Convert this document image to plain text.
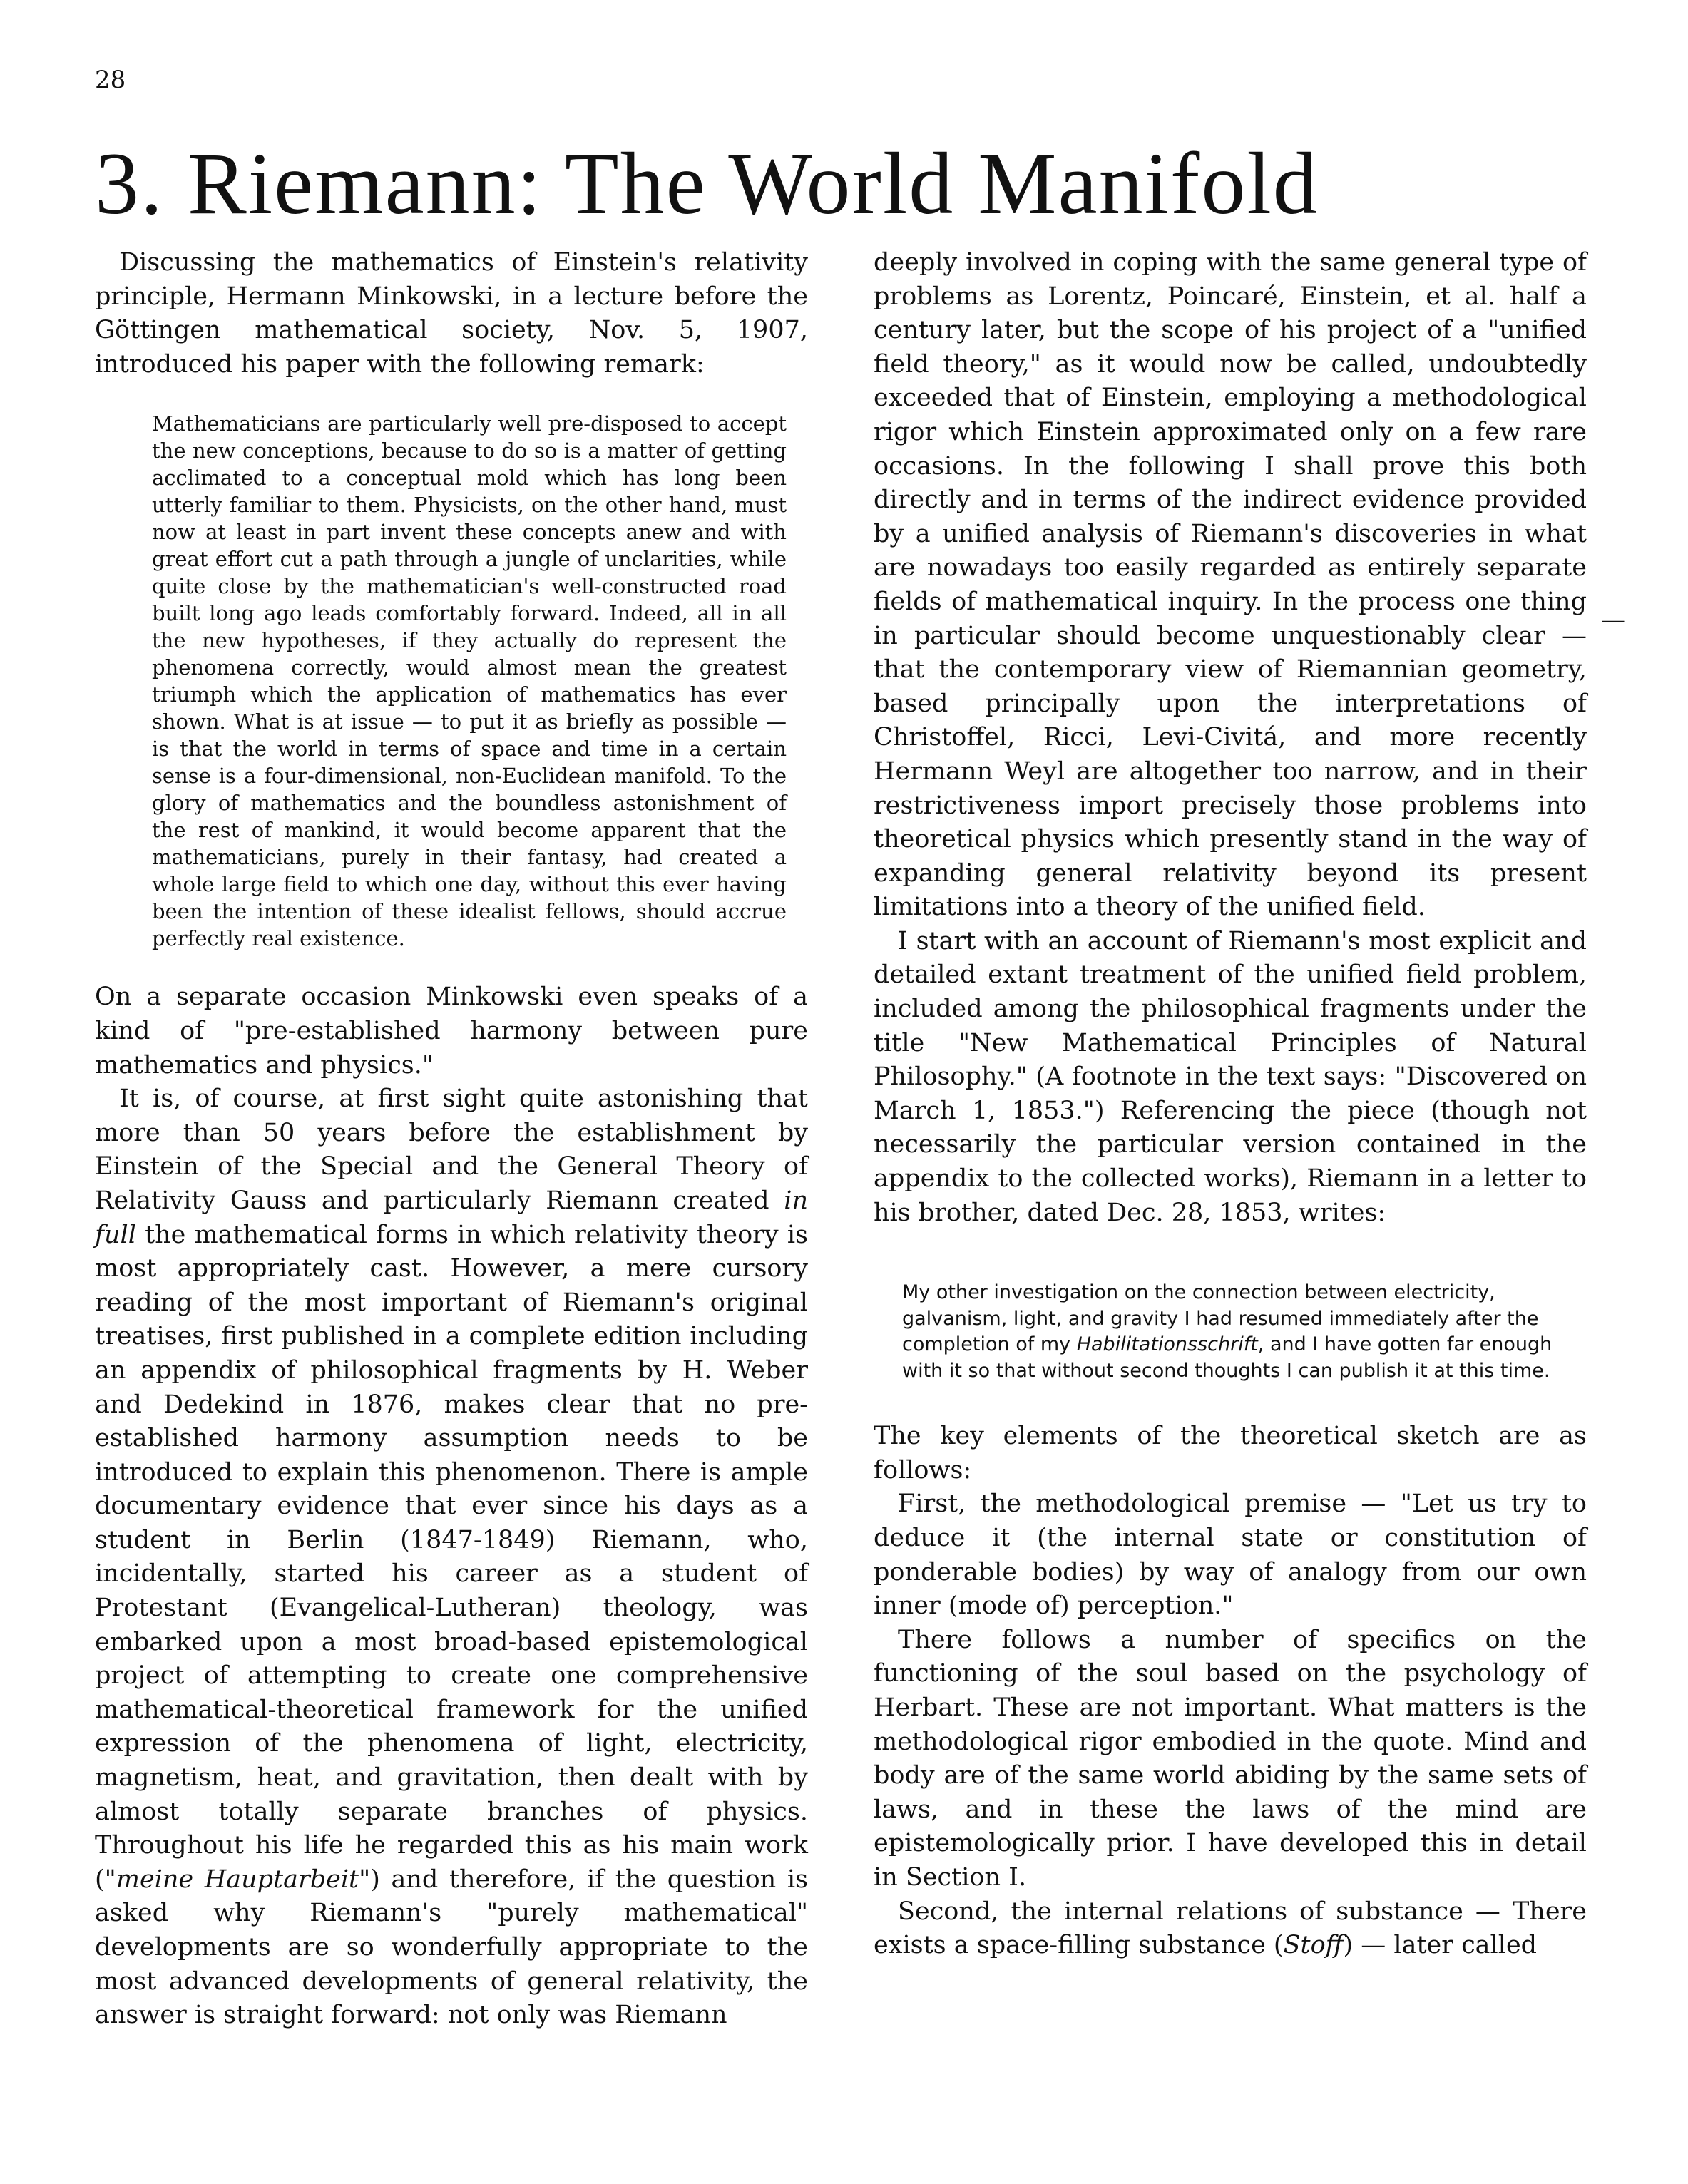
28
3. Riemann: The World Manifold
—

Discussing the mathematics of Einstein's relativity principle, Hermann Minkowski, in a lecture before the Göttingen mathematical society, Nov. 5, 1907, introduced his paper with the following remark:

Mathematicians are particularly well pre-disposed to accept the new conceptions, because to do so is a matter of getting acclimated to a conceptual mold which has long been utterly familiar to them. Physicists, on the other hand, must now at least in part invent these concepts anew and with great effort cut a path through a jungle of unclarities, while quite close by the mathematician's well-constructed road built long ago leads comfortably forward. Indeed, all in all the new hypotheses, if they actually do represent the phenomena correctly, would almost mean the greatest triumph which the application of mathematics has ever shown. What is at issue — to put it as briefly as possible — is that the world in terms of space and time in a certain sense is a four-dimensional, non-Euclidean manifold. To the glory of mathematics and the boundless astonishment of the rest of mankind, it would become apparent that the mathematicians, purely in their fantasy, had created a whole large field to which one day, without this ever having been the intention of these idealist fellows, should accrue perfectly real existence.

On a separate occasion Minkowski even speaks of a kind of "pre-established harmony between pure mathematics and physics."

It is, of course, at first sight quite astonishing that more than 50 years before the establishment by Einstein of the Special and the General Theory of Relativity Gauss and particularly Riemann created in full the mathematical forms in which relativity theory is most appropriately cast. However, a mere cursory reading of the most important of Riemann's original treatises, first published in a complete edition including an appendix of philosophical fragments by H. Weber and Dedekind in 1876, makes clear that no pre-established harmony assumption needs to be introduced to explain this phenomenon. There is ample documentary evidence that ever since his days as a student in Berlin (1847-1849) Riemann, who, incidentally, started his career as a student of Protestant (Evangelical-Lutheran) theology, was embarked upon a most broad-based epistemological project of attempting to create one comprehensive mathematical-theoretical framework for the unified expression of the phenomena of light, electricity, magnetism, heat, and gravitation, then dealt with by almost totally separate branches of physics. Throughout his life he regarded this as his main work ("meine Hauptarbeit") and therefore, if the question is asked why Riemann's "purely mathematical" developments are so wonderfully appropriate to the most advanced developments of general relativity, the answer is straight forward: not only was Riemann

deeply involved in coping with the same general type of problems as Lorentz, Poincaré, Einstein, et al. half a century later, but the scope of his project of a "unified field theory," as it would now be called, undoubtedly exceeded that of Einstein, employing a methodological rigor which Einstein approximated only on a few rare occasions. In the following I shall prove this both directly and in terms of the indirect evidence provided by a unified analysis of Riemann's discoveries in what are nowadays too easily regarded as entirely separate fields of mathematical inquiry. In the process one thing in particular should become unquestionably clear — that the contemporary view of Riemannian geometry, based principally upon the interpretations of Christoffel, Ricci, Levi-Civitá, and more recently Hermann Weyl are altogether too narrow, and in their restrictiveness import precisely those problems into theoretical physics which presently stand in the way of expanding general relativity beyond its present limitations into a theory of the unified field.

I start with an account of Riemann's most explicit and detailed extant treatment of the unified field problem, included among the philosophical fragments under the title "New Mathematical Principles of Natural Philosophy." (A footnote in the text says: "Discovered on March 1, 1853.") Referencing the piece (though not necessarily the particular version contained in the appendix to the collected works), Riemann in a letter to his brother, dated Dec. 28, 1853, writes:

My other investigation on the connection between electricity, galvanism, light, and gravity I had resumed immediately after the completion of my Habilitationsschrift, and I have gotten far enough with it so that without second thoughts I can publish it at this time.

The key elements of the theoretical sketch are as follows:

First, the methodological premise — "Let us try to deduce it (the internal state or constitution of ponderable bodies) by way of analogy from our own inner (mode of) perception."

There follows a number of specifics on the functioning of the soul based on the psychology of Herbart. These are not important. What matters is the methodological rigor embodied in the quote. Mind and body are of the same world abiding by the same sets of laws, and in these the laws of the mind are epistemologically prior. I have developed this in detail in Section I.

Second, the internal relations of substance — There exists a space-filling substance (Stoff) — later called
